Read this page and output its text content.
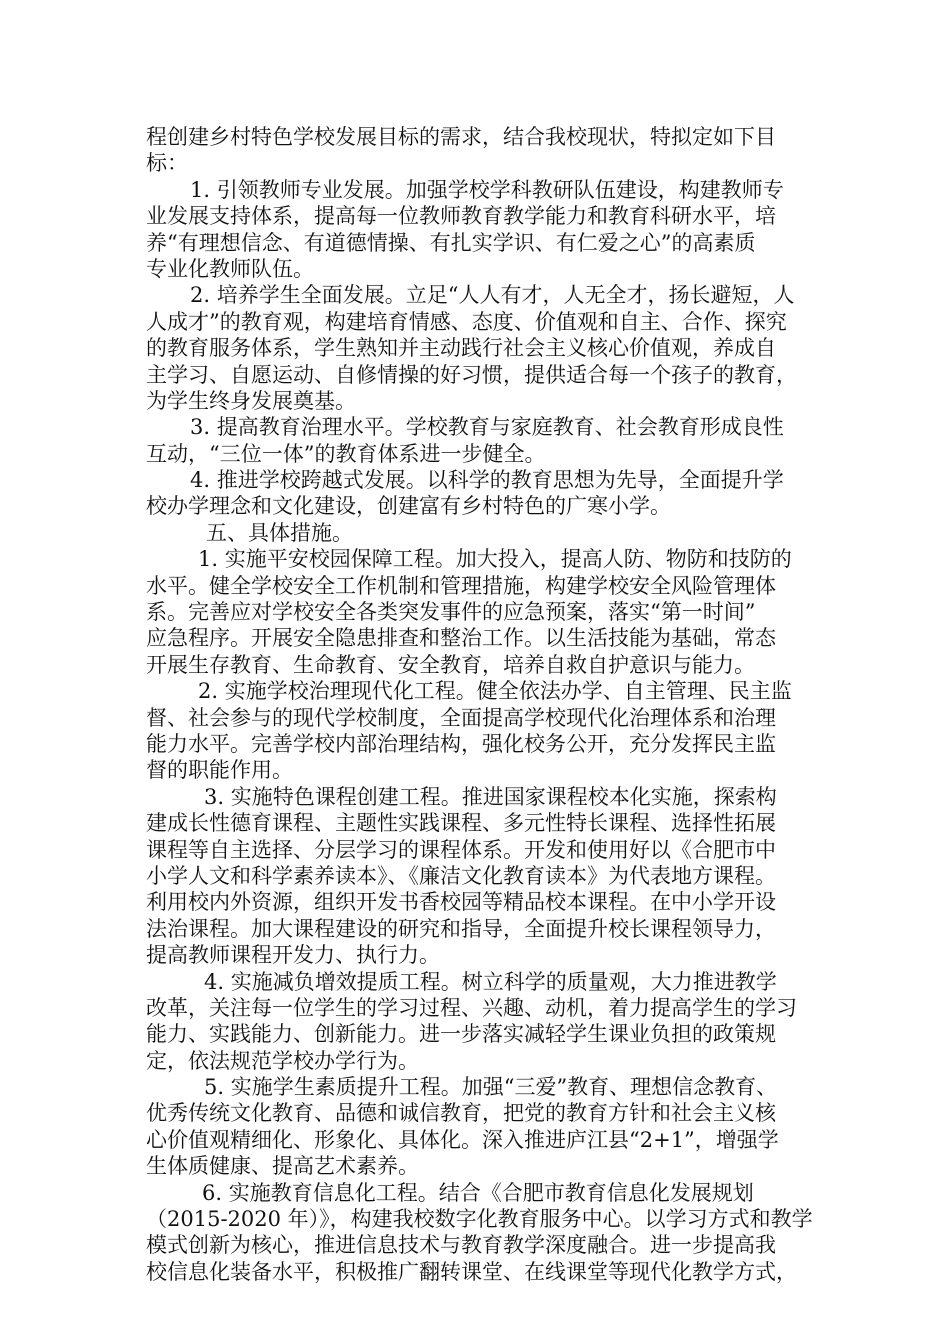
程创建乡村特色学校发展目标的需求，结合我校现状，特拟定如下目
标：
1. 引领教师专业发展。加强学校学科教研队伍建设，构建教师专
业发展支持体系，提高每一位教师教育教学能力和教育科研水平，培
养“有理想信念、有道德情操、有扎实学识、有仁爱之心”的高素质
专业化教师队伍。
2. 培养学生全面发展。立足“人人有才，人无全才，扬长避短，人
人成才”的教育观，构建培育情感、态度、价值观和自主、合作、探究
的教育服务体系，学生熟知并主动践行社会主义核心价值观，养成自
主学习、自愿运动、自修情操的好习惯，提供适合每一个孩子的教育，
为学生终身发展奠基。
3. 提高教育治理水平。学校教育与家庭教育、社会教育形成良性
互动，“三位一体”的教育体系进一步健全。
4. 推进学校跨越式发展。以科学的教育思想为先导，全面提升学
校办学理念和文化建设，创建富有乡村特色的广寒小学。
五、具体措施。
1. 实施平安校园保障工程。加大投入，提高人防、物防和技防的
水平。健全学校安全工作机制和管理措施，构建学校安全风险管理体
系。完善应对学校安全各类突发事件的应急预案，落实“第一时间”
应急程序。开展安全隐患排查和整治工作。以生活技能为基础，常态
开展生存教育、生命教育、安全教育，培养自救自护意识与能力。
2. 实施学校治理现代化工程。健全依法办学、自主管理、民主监
督、社会参与的现代学校制度，全面提高学校现代化治理体系和治理
能力水平。完善学校内部治理结构，强化校务公开，充分发挥民主监
督的职能作用。
3. 实施特色课程创建工程。推进国家课程校本化实施，探索构
建成长性德育课程、主题性实践课程、多元性特长课程、选择性拓展
课程等自主选择、分层学习的课程体系。开发和使用好以《合肥市中
小学人文和科学素养读本》、《廉洁文化教育读本》为代表地方课程。
利用校内外资源，组织开发书香校园等精品校本课程。在中小学开设
法治课程。加大课程建设的研究和指导，全面提升校长课程领导力，
提高教师课程开发力、执行力。
4. 实施减负增效提质工程。树立科学的质量观，大力推进教学
改革，关注每一位学生的学习过程、兴趣、动机，着力提高学生的学习
能力、实践能力、创新能力。进一步落实减轻学生课业负担的政策规
定，依法规范学校办学行为。
5. 实施学生素质提升工程。加强“三爱”教育、理想信念教育、
优秀传统文化教育、品德和诚信教育，把党的教育方针和社会主义核
心价值观精细化、形象化、具体化。深入推进庐江县“2+1”，增强学
生体质健康、提高艺术素养。
6. 实施教育信息化工程。结合《合肥市教育信息化发展规划
（2015-2020 年）》，构建我校数字化教育服务中心。以学习方式和教学
模式创新为核心，推进信息技术与教育教学深度融合。进一步提高我
校信息化装备水平，积极推广翻转课堂、在线课堂等现代化教学方式，
